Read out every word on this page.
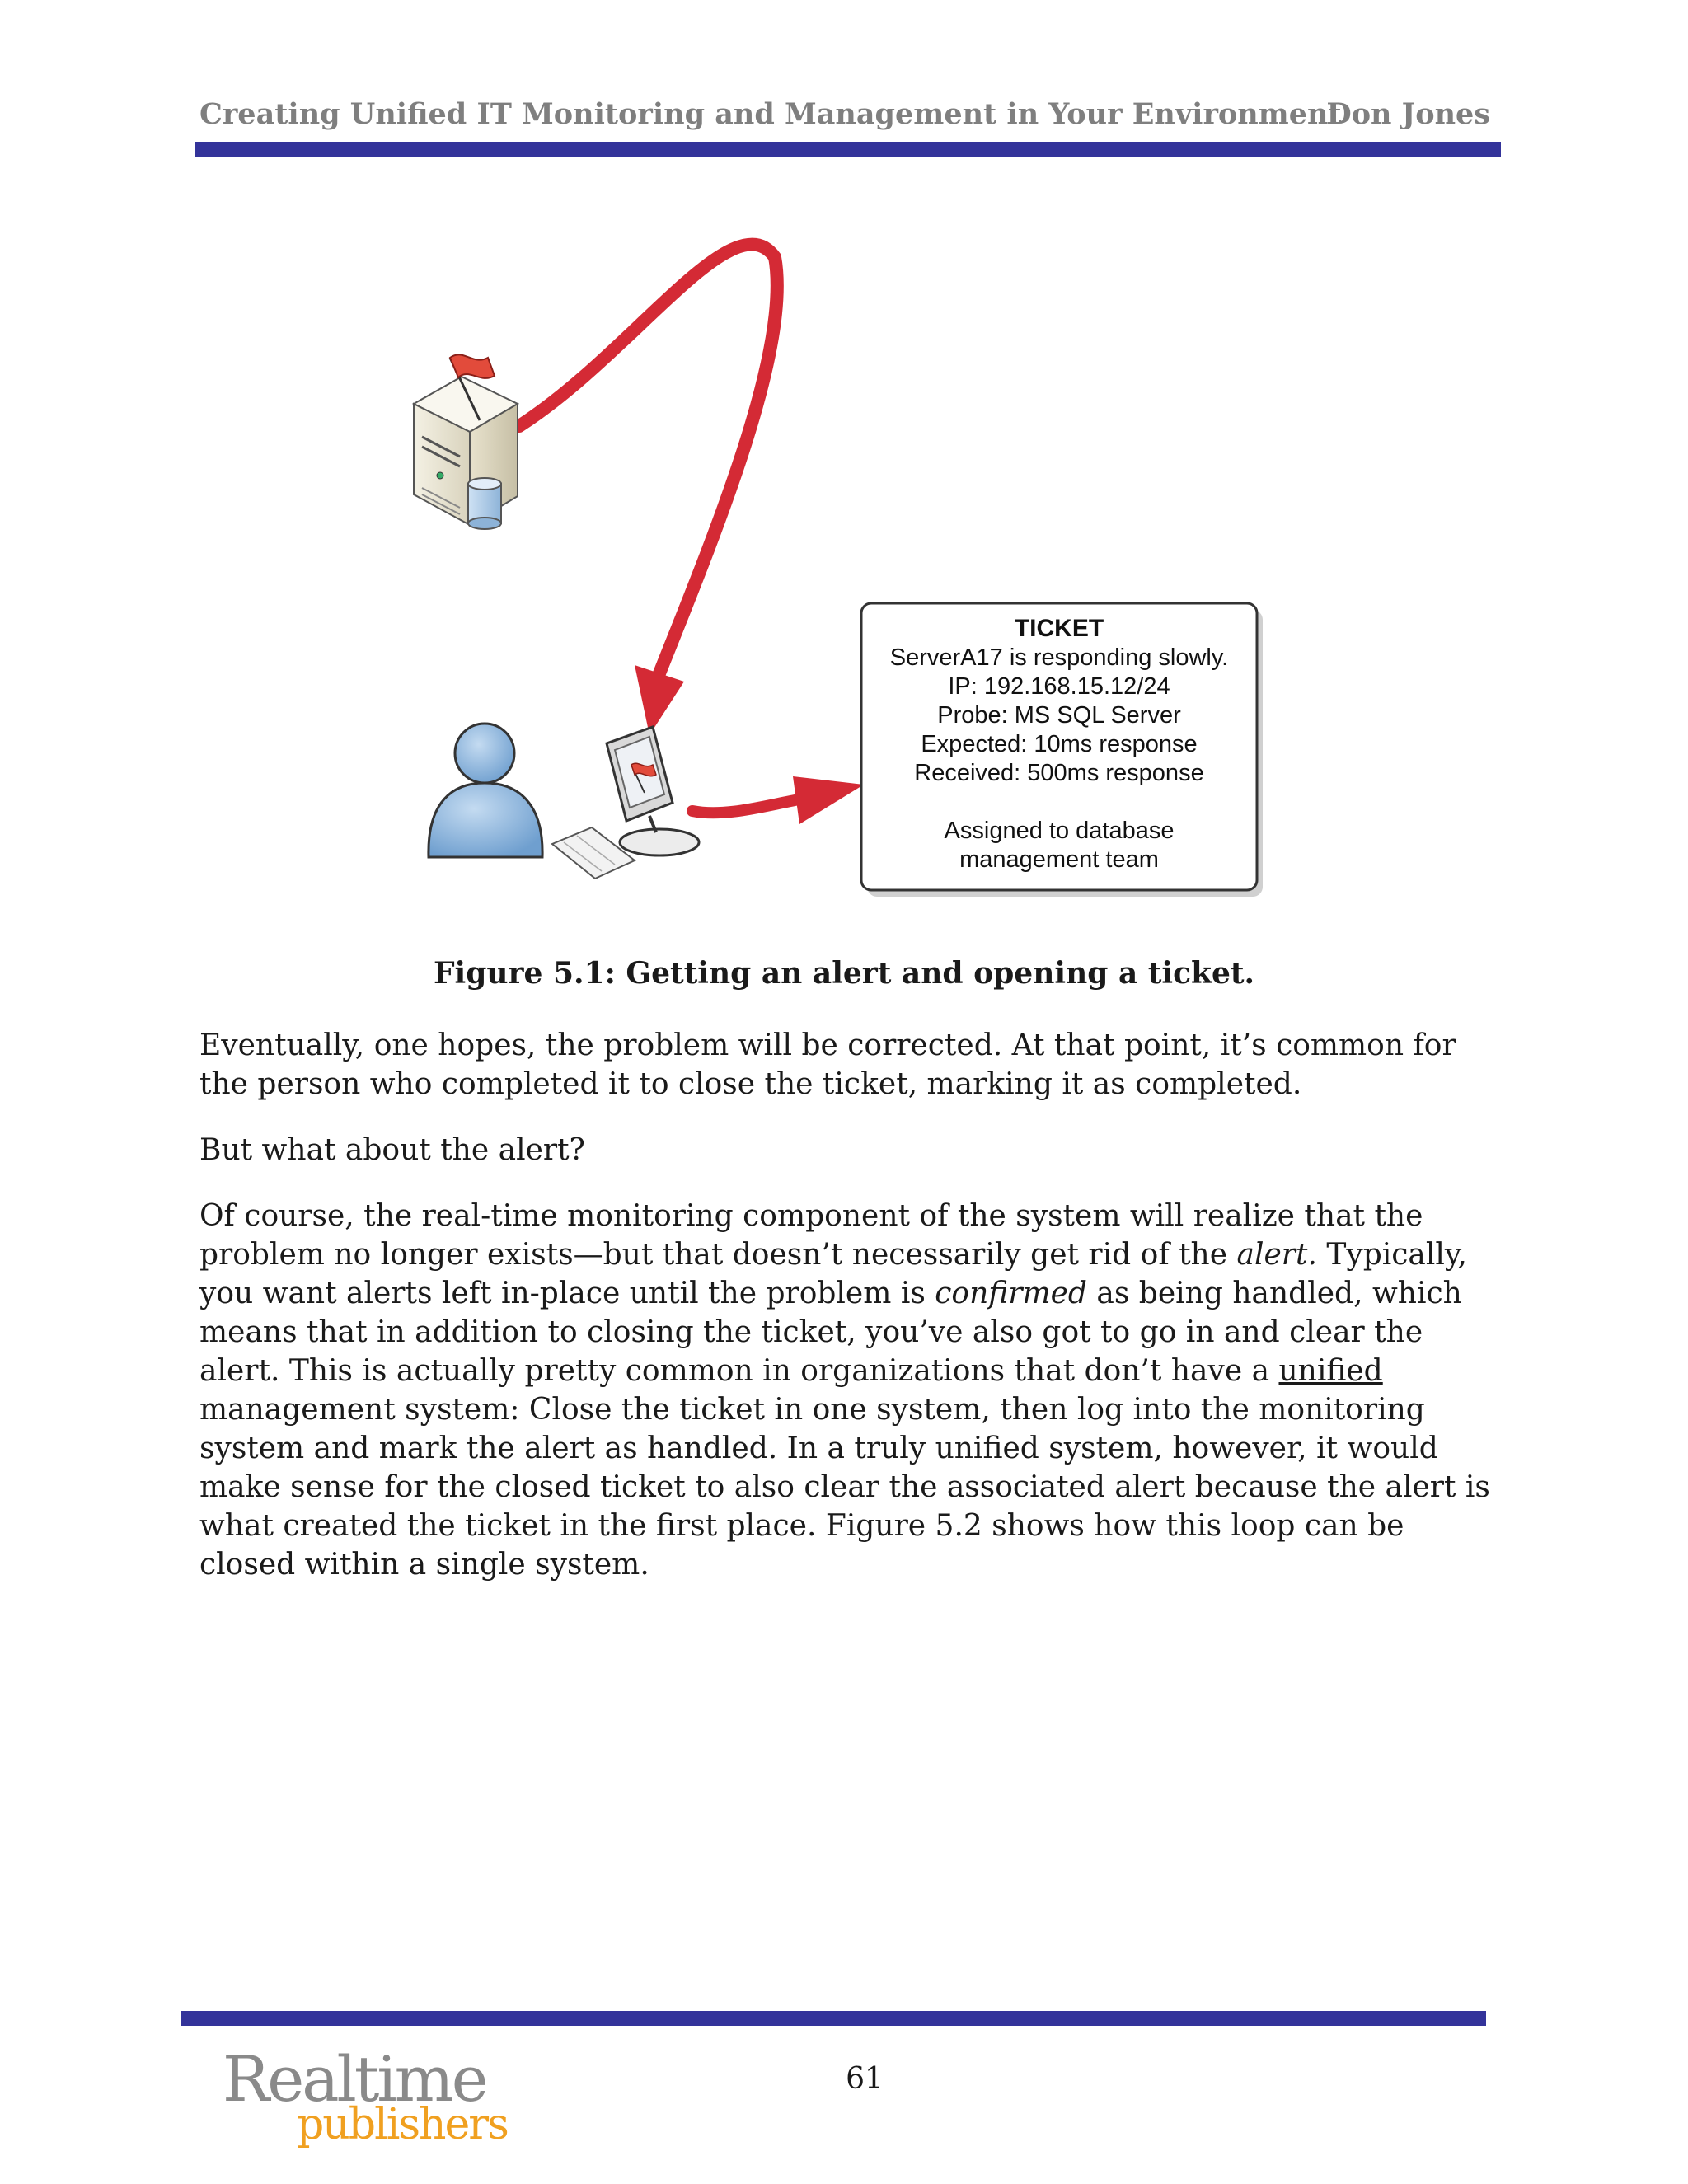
Creating Unified IT Monitoring and Management in Your Environment
Don Jones
TICKET
ServerA17 is responding slowly.
IP: 192.168.15.12/24
Probe: MS SQL Server
Expected: 10ms response
Received: 500ms response
Assigned to database
management team
Figure 5.1: Getting an alert and opening a ticket.

Eventually, one hopes, the problem will be corrected. At that point, it’s common for the person who completed it to close the ticket, marking it as completed.

But what about the alert?

Of course, the real-time monitoring component of the system will realize that the problem no longer exists—but that doesn’t necessarily get rid of the alert. Typically, you want alerts left in-place until the problem is confirmed as being handled, which means that in addition to closing the ticket, you’ve also got to go in and clear the alert. This is actually pretty common in organizations that don’t have a unified management system: Close the ticket in one system, then log into the monitoring system and mark the alert as handled. In a truly unified system, however, it would make sense for the closed ticket to also clear the associated alert because the alert is what created the ticket in the first place. Figure 5.2 shows how this loop can be closed within a single system.

Realtime
publishers
61
